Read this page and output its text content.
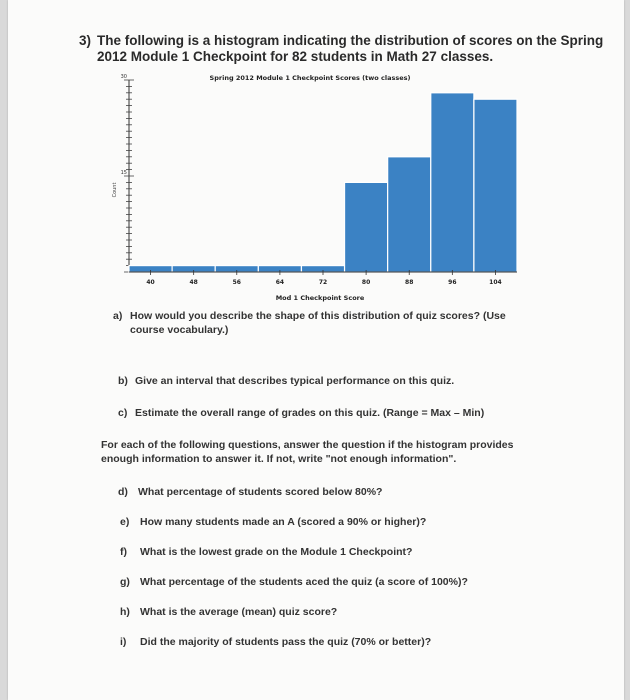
3) The following is a histogram indicating the distribution of scores on the Spring
2012 Module 1 Checkpoint for 82 students in Math 27 classes.
Spring 2012 Module 1 Checkpoint Scores (two classes)
Count
Mod 1 Checkpoint Score
30
15
40	48	56	64	72	80	88	96	104
a) How would you describe the shape of this distribution of quiz scores? (Use
course vocabulary.)
b) Give an interval that describes typical performance on this quiz.
c) Estimate the overall range of grades on this quiz. (Range = Max – Min)
For each of the following questions, answer the question if the histogram provides
enough information to answer it. If not, write "not enough information".
d) What percentage of students scored below 80%?
e) How many students made an A (scored a 90% or higher)?
f) What is the lowest grade on the Module 1 Checkpoint?
g) What percentage of the students aced the quiz (a score of 100%)?
h) What is the average (mean) quiz score?
i) Did the majority of students pass the quiz (70% or better)?
